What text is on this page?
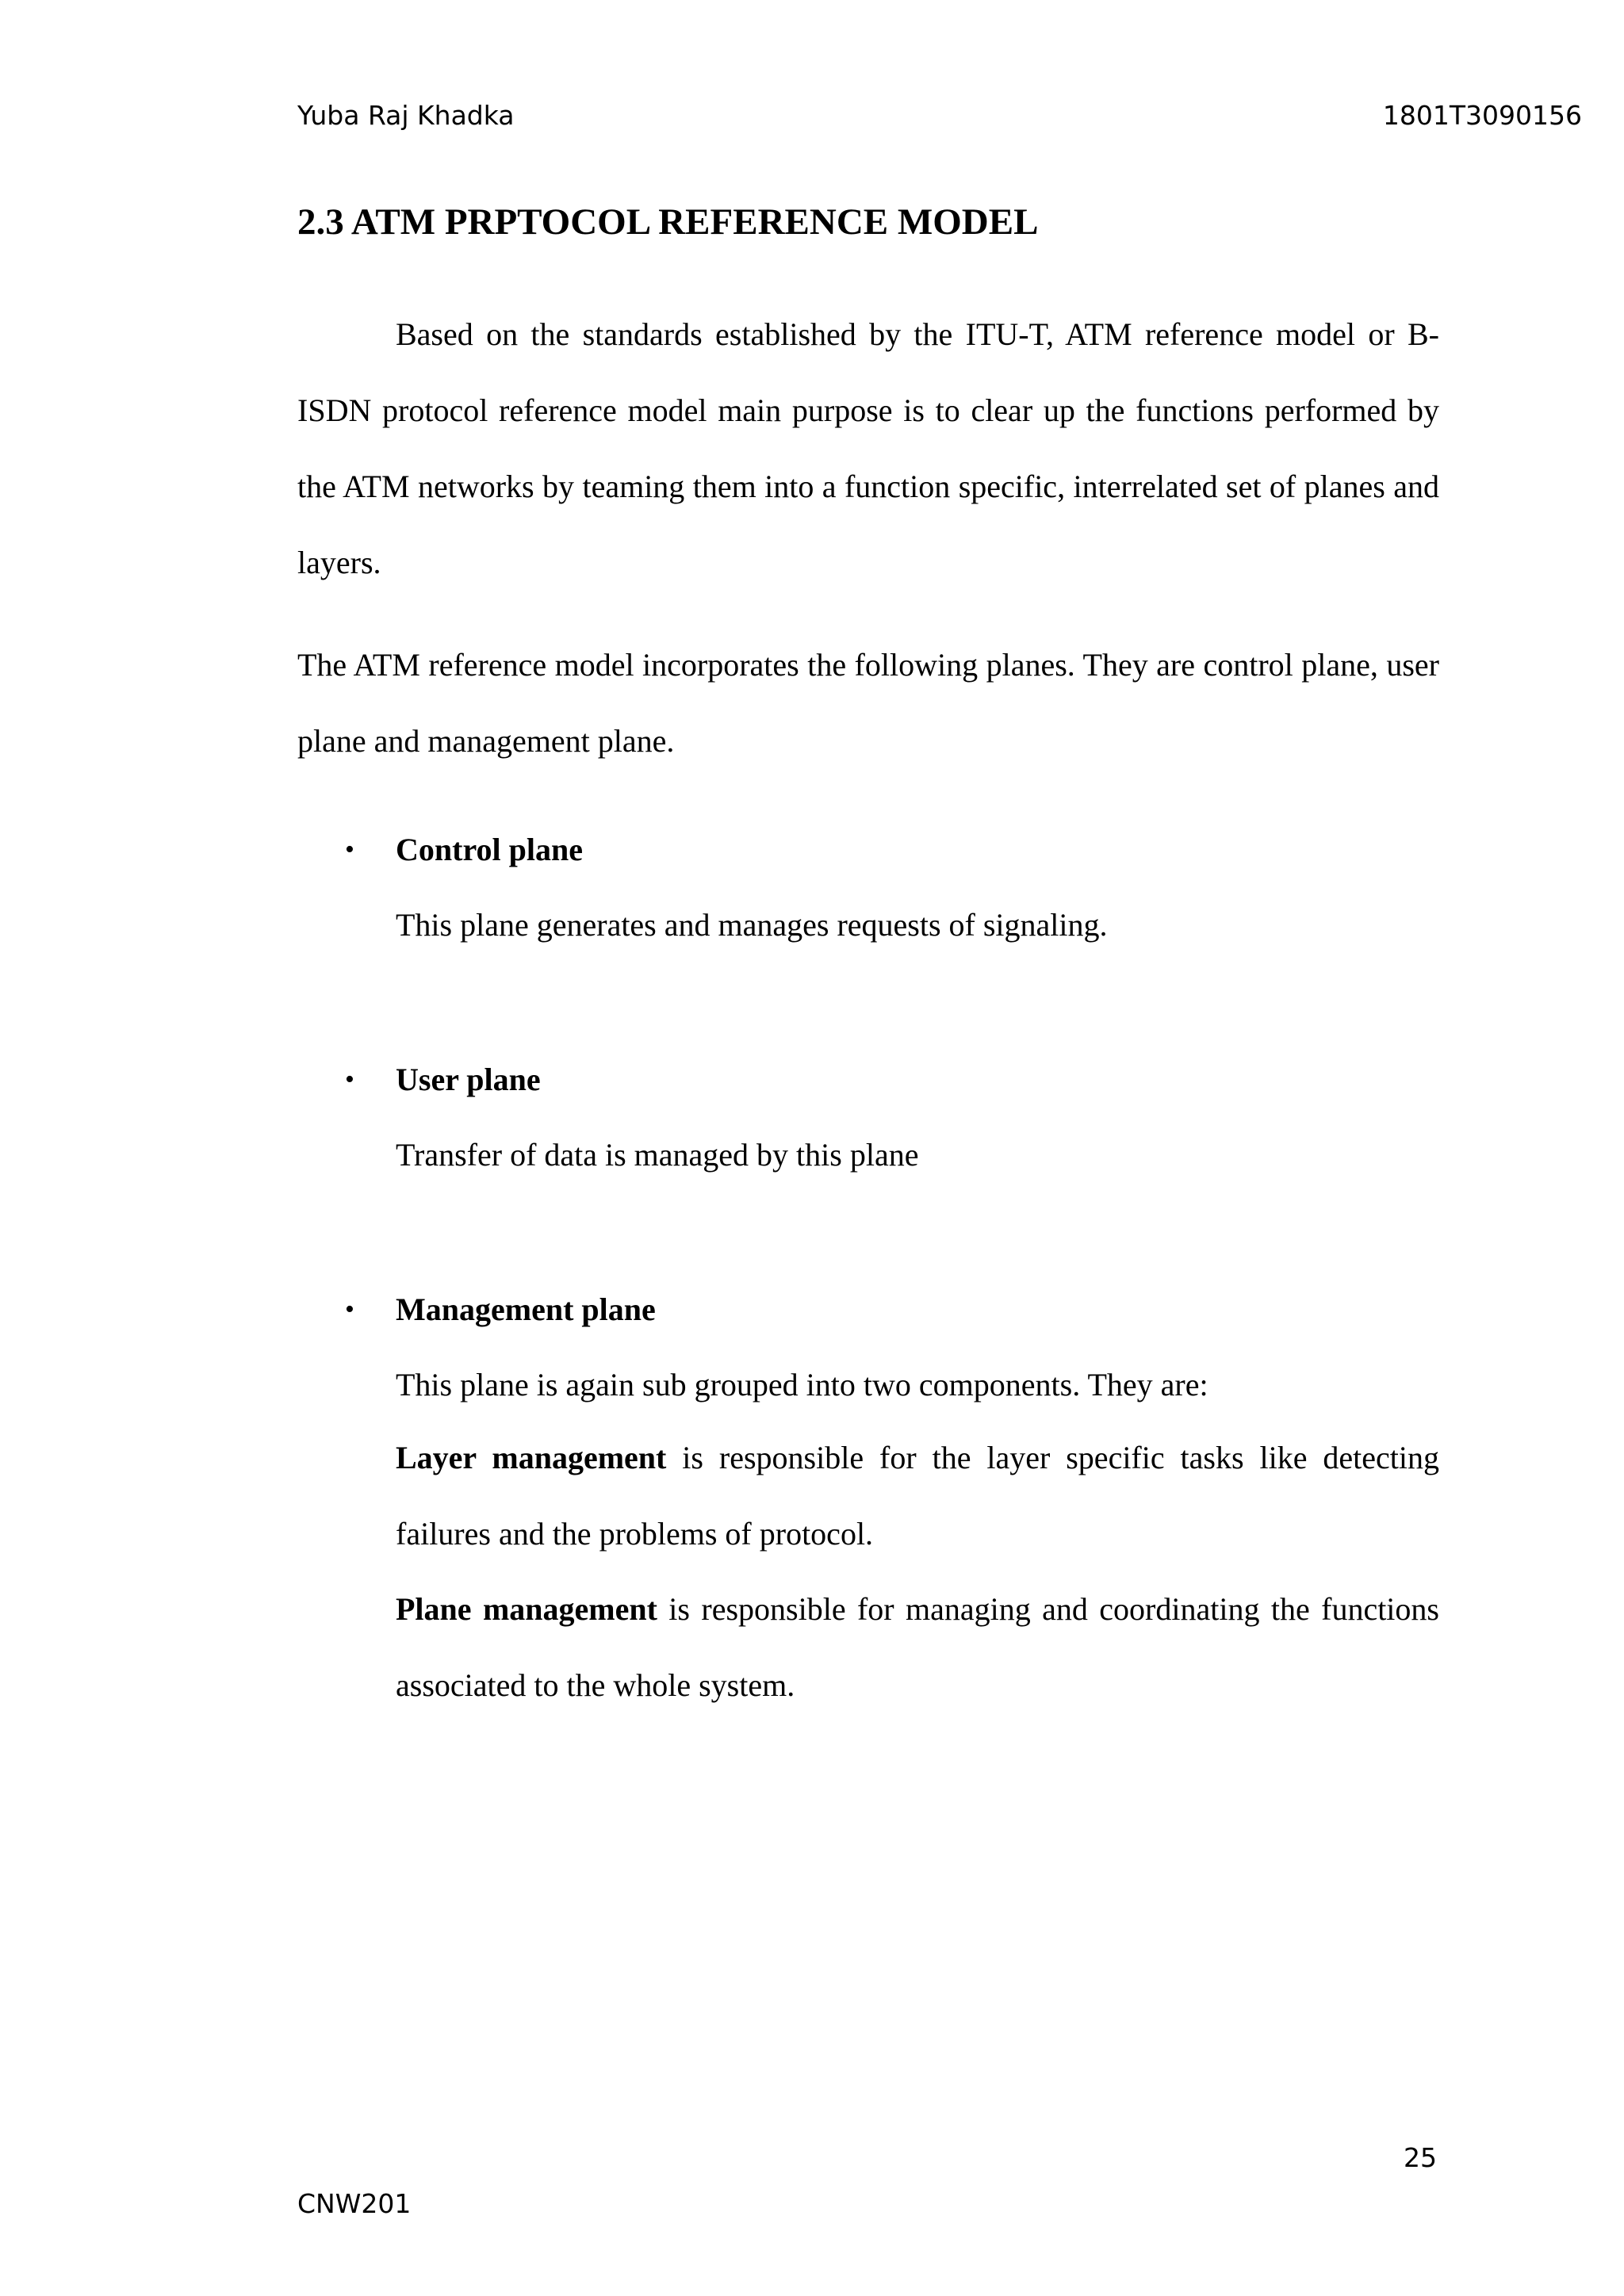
Yuba Raj Khadka	1801T3090156
2.3 ATM PRPTOCOL REFERENCE MODEL

Based on the standards established by the ITU-T, ATM reference model or B-ISDN protocol reference model main purpose is to clear up the functions performed by the ATM networks by teaming them into a function specific, interrelated set of planes and layers.

The ATM reference model incorporates the following planes. They are control plane, user plane and management plane.

• Control plane
This plane generates and manages requests of signaling.
• User plane
Transfer of data is managed by this plane
• Management plane
This plane is again sub grouped into two components. They are:

Layer management is responsible for the layer specific tasks like detecting failures and the problems of protocol.

Plane management is responsible for managing and coordinating the functions associated to the whole system.

25
CNW201
